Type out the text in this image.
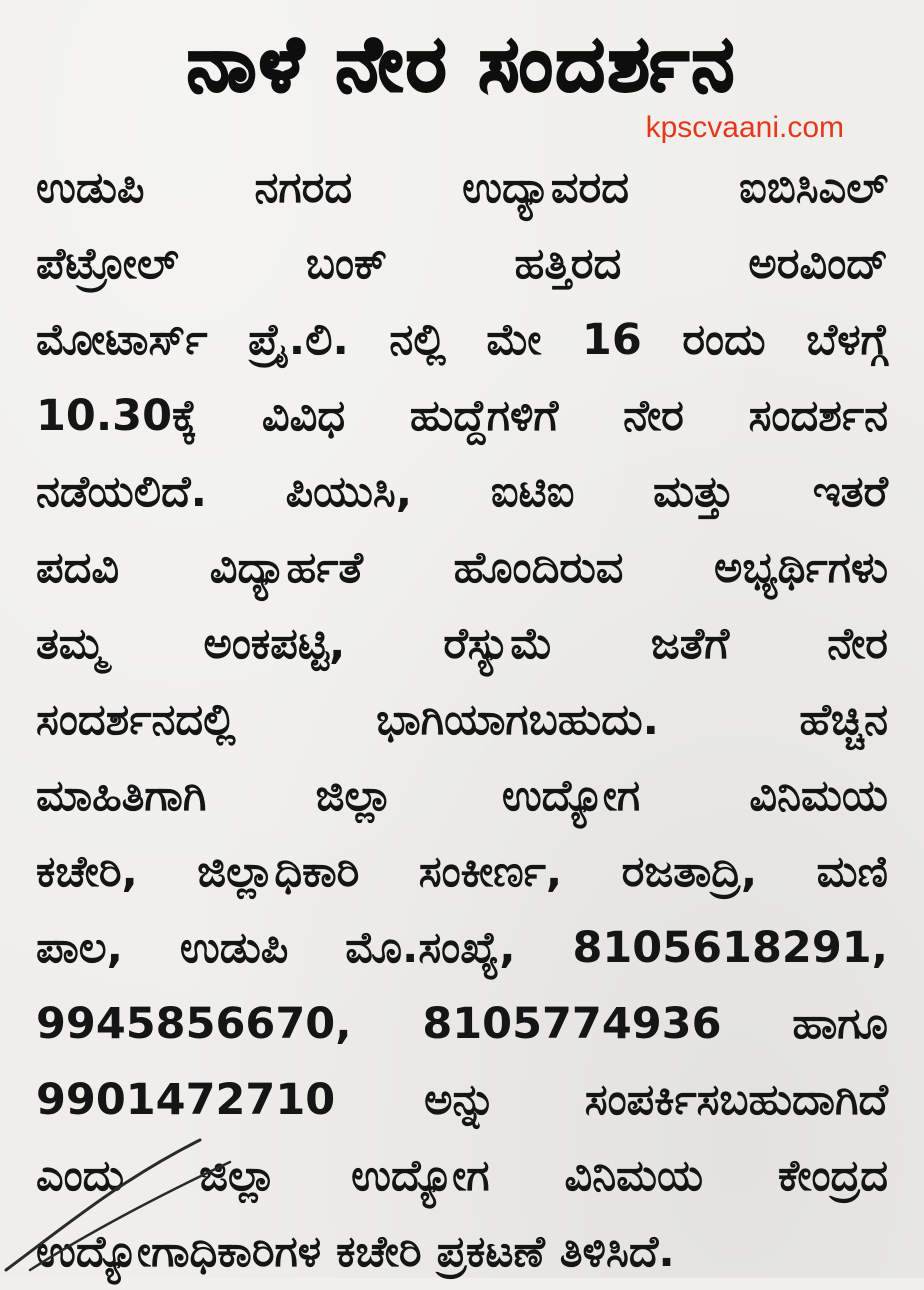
ನಾಳೆ ನೇರ ಸಂದರ್ಶನ
kpscvaani.com
ಉಡುಪಿ ನಗರದ ಉದ್ಯಾವರದ ಐಬಿಸಿಎಲ್
ಪೆಟ್ರೋಲ್ ಬಂಕ್ ಹತ್ತಿರದ ಅರವಿಂದ್
ಮೋಟಾರ್ಸ್ ಪ್ರೈ.ಲಿ. ನಲ್ಲಿ ಮೇ 16 ರಂದು ಬೆಳಗ್ಗೆ
10.30ಕ್ಕೆ ವಿವಿಧ ಹುದ್ದೆಗಳಿಗೆ ನೇರ ಸಂದರ್ಶನ
ನಡೆಯಲಿದೆ. ಪಿಯುಸಿ, ಐಟಿಐ ಮತ್ತು ಇತರೆ
ಪದವಿ ವಿದ್ಯಾರ್ಹತೆ ಹೊಂದಿರುವ ಅಭ್ಯರ್ಥಿಗಳು
ತಮ್ಮ ಅಂಕಪಟ್ಟಿ, ರೆಸ್ಯುಮೆ ಜತೆಗೆ ನೇರ
ಸಂದರ್ಶನದಲ್ಲಿ ಭಾಗಿಯಾಗಬಹುದು. ಹೆಚ್ಚಿನ
ಮಾಹಿತಿಗಾಗಿ ಜಿಲ್ಲಾ ಉದ್ಯೋಗ ವಿನಿಮಯ
ಕಚೇರಿ, ಜಿಲ್ಲಾಧಿಕಾರಿ ಸಂಕೀರ್ಣ, ರಜತಾದ್ರಿ, ಮಣಿ
ಪಾಲ, ಉಡುಪಿ ಮೊ.ಸಂಖ್ಯೆ, 8105618291,
9945856670, 8105774936 ಹಾಗೂ
9901472710 ಅನ್ನು ಸಂಪರ್ಕಿಸಬಹುದಾಗಿದೆ
ಎಂದು ಜಿಲ್ಲಾ ಉದ್ಯೋಗ ವಿನಿಮಯ ಕೇಂದ್ರದ
ಉದ್ಯೋಗಾಧಿಕಾರಿಗಳ ಕಚೇರಿ ಪ್ರಕಟಣೆ ತಿಳಿಸಿದೆ.
